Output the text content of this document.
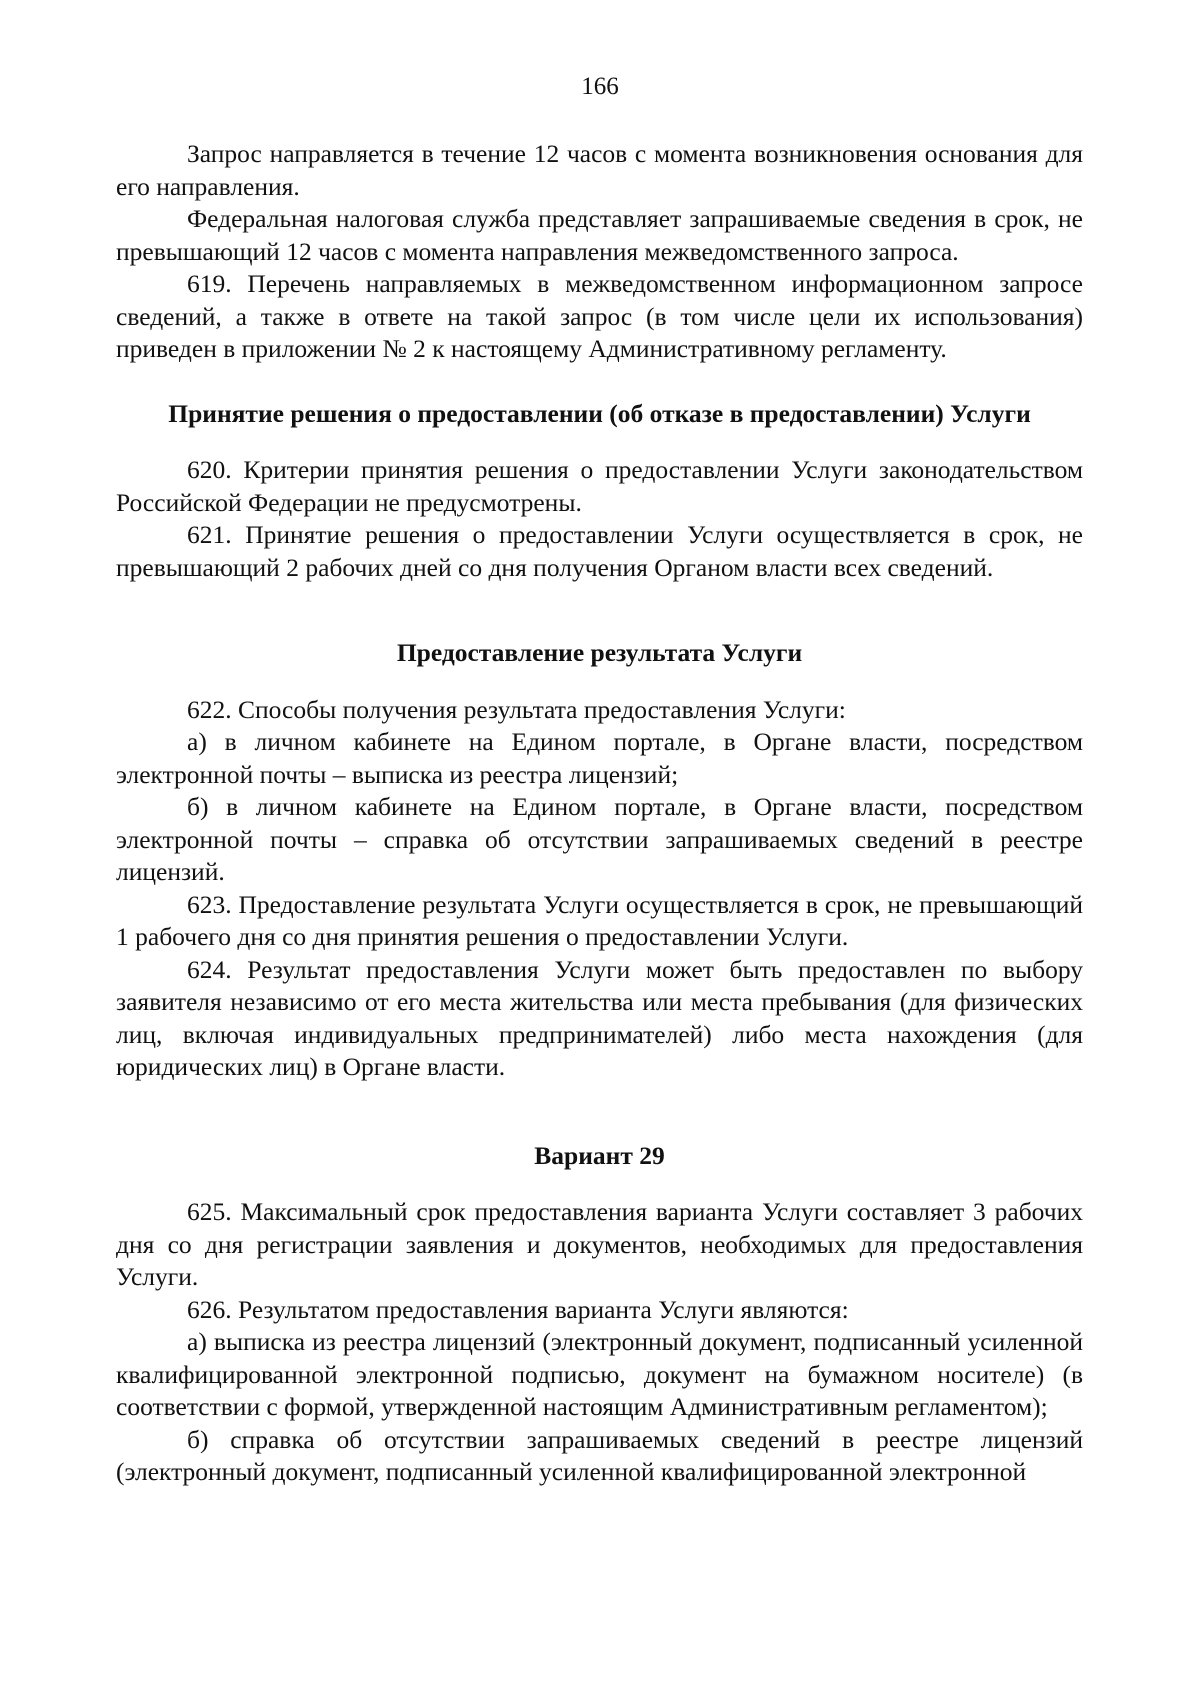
166

Запрос направляется в течение 12 часов с момента возникновения основания для его направления.

Федеральная налоговая служба представляет запрашиваемые сведения в срок, не превышающий 12 часов с момента направления межведомственного запроса.

619. Перечень направляемых в межведомственном информационном запросе сведений, а также в ответе на такой запрос (в том числе цели их использования) приведен в приложении № 2 к настоящему Административному регламенту.

Принятие решения о предоставлении (об отказе в предоставлении) Услуги

620. Критерии принятия решения о предоставлении Услуги законодательством Российской Федерации не предусмотрены.

621. Принятие решения о предоставлении Услуги осуществляется в срок, не превышающий 2 рабочих дней со дня получения Органом власти всех сведений.

Предоставление результата Услуги

622. Способы получения результата предоставления Услуги:

а) в личном кабинете на Едином портале, в Органе власти, посредством электронной почты – выписка из реестра лицензий;

б) в личном кабинете на Едином портале, в Органе власти, посредством электронной почты – справка об отсутствии запрашиваемых сведений в реестре лицензий.

623. Предоставление результата Услуги осуществляется в срок, не превышающий 1 рабочего дня со дня принятия решения о предоставлении Услуги.

624. Результат предоставления Услуги может быть предоставлен по выбору заявителя независимо от его места жительства или места пребывания (для физических лиц, включая индивидуальных предпринимателей) либо места нахождения (для юридических лиц) в Органе власти.

Вариант 29

625. Максимальный срок предоставления варианта Услуги составляет 3 рабочих дня со дня регистрации заявления и документов, необходимых для предоставления Услуги.

626. Результатом предоставления варианта Услуги являются:

а) выписка из реестра лицензий (электронный документ, подписанный усиленной квалифицированной электронной подписью, документ на бумажном носителе) (в соответствии с формой, утвержденной настоящим Административным регламентом);

б) справка об отсутствии запрашиваемых сведений в реестре лицензий (электронный документ, подписанный усиленной квалифицированной электронной
